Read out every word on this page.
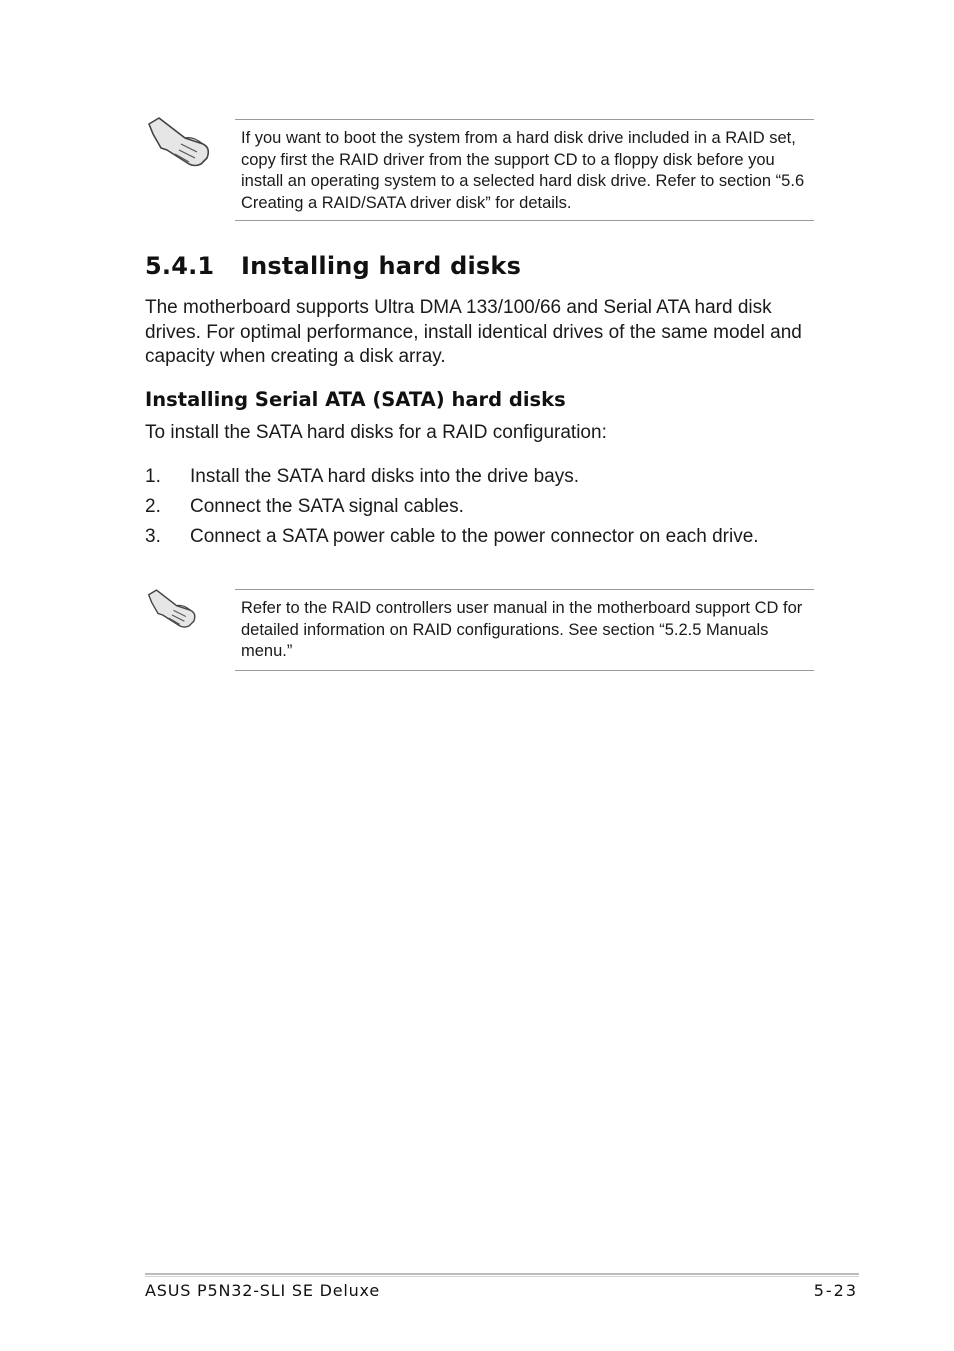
If you want to boot the system from a hard disk drive included in a RAID set, copy first the RAID driver from the support CD to a floppy disk before you install an operating system to a selected hard disk drive. Refer to section “5.6 Creating a RAID/SATA driver disk” for details.

5.4.1 Installing hard disks

The motherboard supports Ultra DMA 133/100/66 and Serial ATA hard disk drives. For optimal performance, install identical drives of the same model and capacity when creating a disk array.

Installing Serial ATA (SATA) hard disks

To install the SATA hard disks for a RAID configuration:

1. Install the SATA hard disks into the drive bays.
2. Connect the SATA signal cables.
3. Connect a SATA power cable to the power connector on each drive.

Refer to the RAID controllers user manual in the motherboard support CD for detailed information on RAID configurations. See section “5.2.5 Manuals menu.”

ASUS P5N32-SLI SE Deluxe	5-23
